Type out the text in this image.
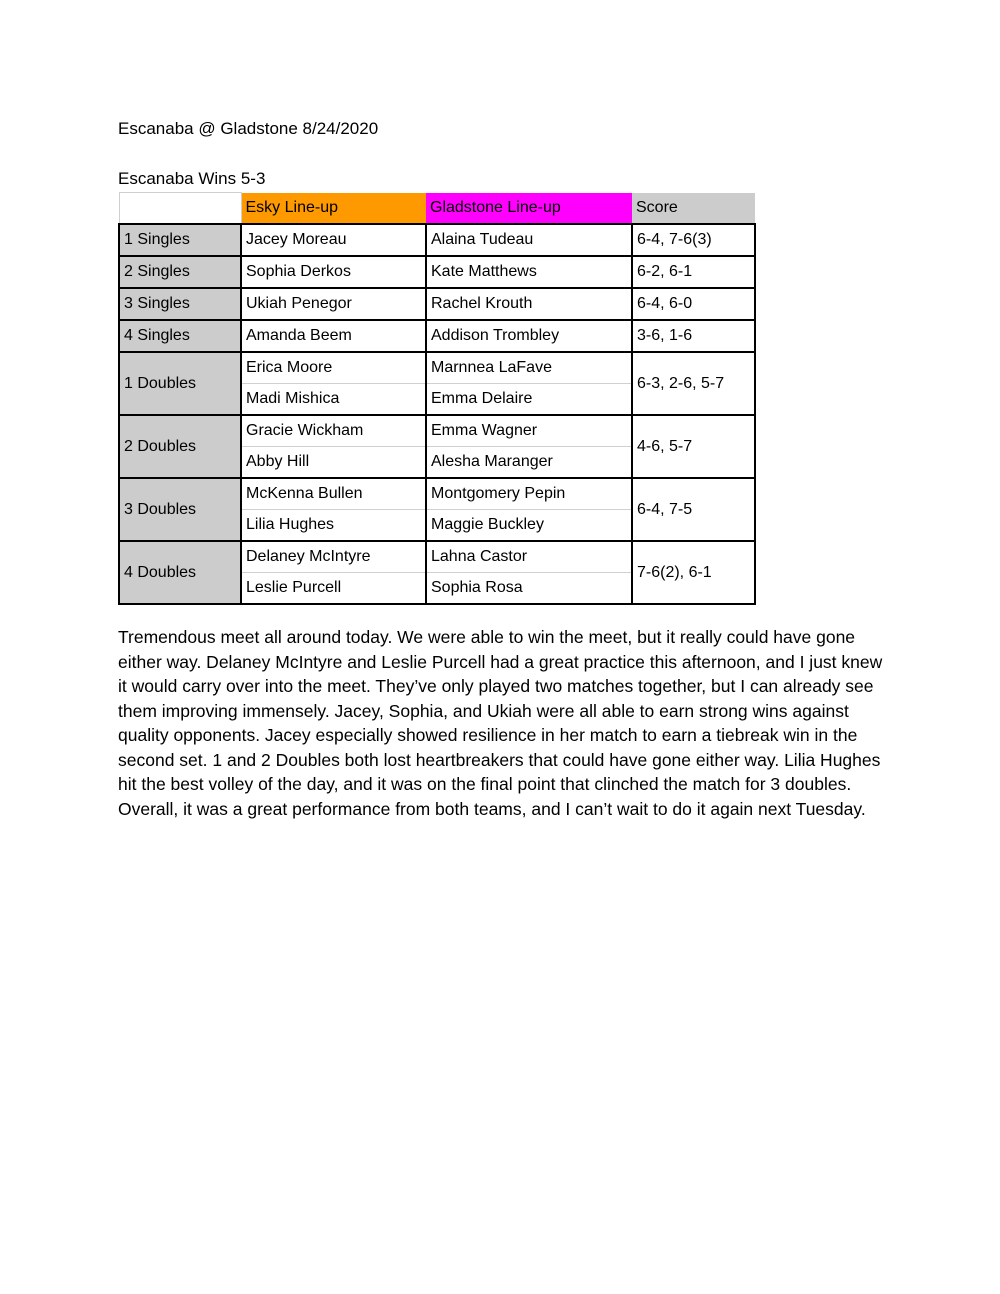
Escanaba @ Gladstone 8/24/2020
Escanaba Wins 5-3
	Esky Line-up	Gladstone Line-up	Score
1 Singles	Jacey Moreau	Alaina Tudeau	6-4, 7-6(3)
2 Singles	Sophia Derkos	Kate Matthews	6-2, 6-1
3 Singles	Ukiah Penegor	Rachel Krouth	6-4, 6-0
4 Singles	Amanda Beem	Addison Trombley	3-6, 1-6
1 Doubles	Erica Moore	Marnnea LaFave	6-3, 2-6, 5-7
	Madi Mishica	Emma Delaire	
2 Doubles	Gracie Wickham	Emma Wagner	4-6, 5-7
	Abby Hill	Alesha Maranger	
3 Doubles	McKenna Bullen	Montgomery Pepin	6-4, 7-5
	Lilia Hughes	Maggie Buckley	
4 Doubles	Delaney McIntyre	Lahna Castor	7-6(2), 6-1
	Leslie Purcell	Sophia Rosa	
Tremendous meet all around today. We were able to win the meet, but it really could have gone either way. Delaney McIntyre and Leslie Purcell had a great practice this afternoon, and I just knew it would carry over into the meet. They’ve only played two matches together, but I can already see them improving immensely. Jacey, Sophia, and Ukiah were all able to earn strong wins against quality opponents. Jacey especially showed resilience in her match to earn a tiebreak win in the second set. 1 and 2 Doubles both lost heartbreakers that could have gone either way. Lilia Hughes hit the best volley of the day, and it was on the final point that clinched the match for 3 doubles. Overall, it was a great performance from both teams, and I can’t wait to do it again next Tuesday.
